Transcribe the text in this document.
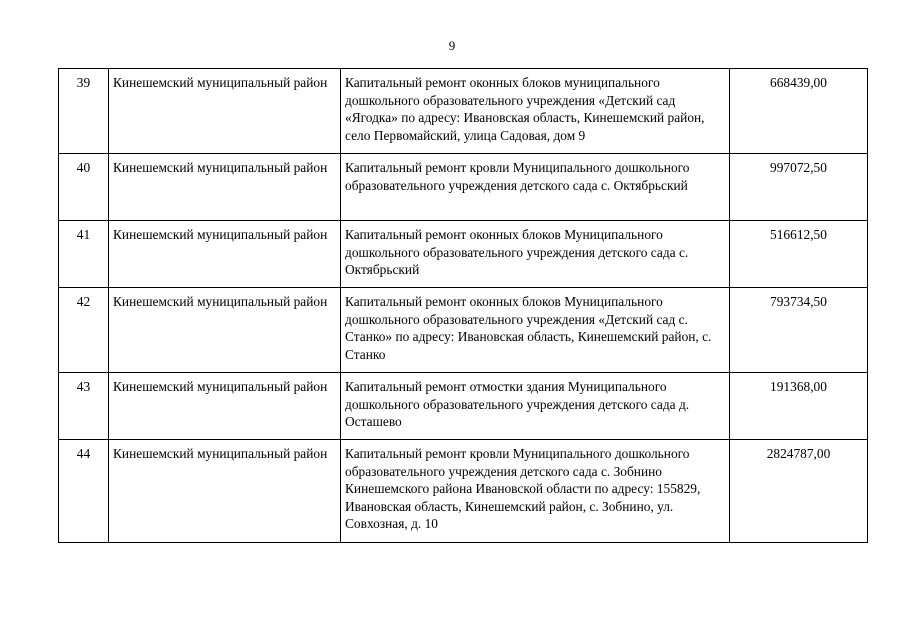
9
39	Кинешемский муниципальный район	Капитальный ремонт оконных блоков муниципального дошкольного образовательного учреждения «Детский сад «Ягодка» по адресу: Ивановская область, Кинешемский район, село Первомайский, улица Садовая, дом 9	668439,00
40	Кинешемский муниципальный район	Капитальный ремонт кровли Муниципального дошкольного образовательного учреждения детского сада с. Октябрьский	997072,50
41	Кинешемский муниципальный район	Капитальный ремонт оконных блоков Муниципального дошкольного образовательного учреждения детского сада с. Октябрьский	516612,50
42	Кинешемский муниципальный район	Капитальный ремонт оконных блоков Муниципального дошкольного образовательного учреждения «Детский сад с. Станко» по адресу: Ивановская область, Кинешемский район, с. Станко	793734,50
43	Кинешемский муниципальный район	Капитальный ремонт отмостки здания Муниципального дошкольного образовательного учреждения детского сада д. Осташево	191368,00
44	Кинешемский муниципальный район	Капитальный ремонт кровли Муниципального дошкольного образовательного учреждения детского сада с. Зобнино Кинешемского района Ивановской области по адресу: 155829, Ивановская область, Кинешемский район, с. Зобнино, ул. Совхозная, д. 10	2824787,00
